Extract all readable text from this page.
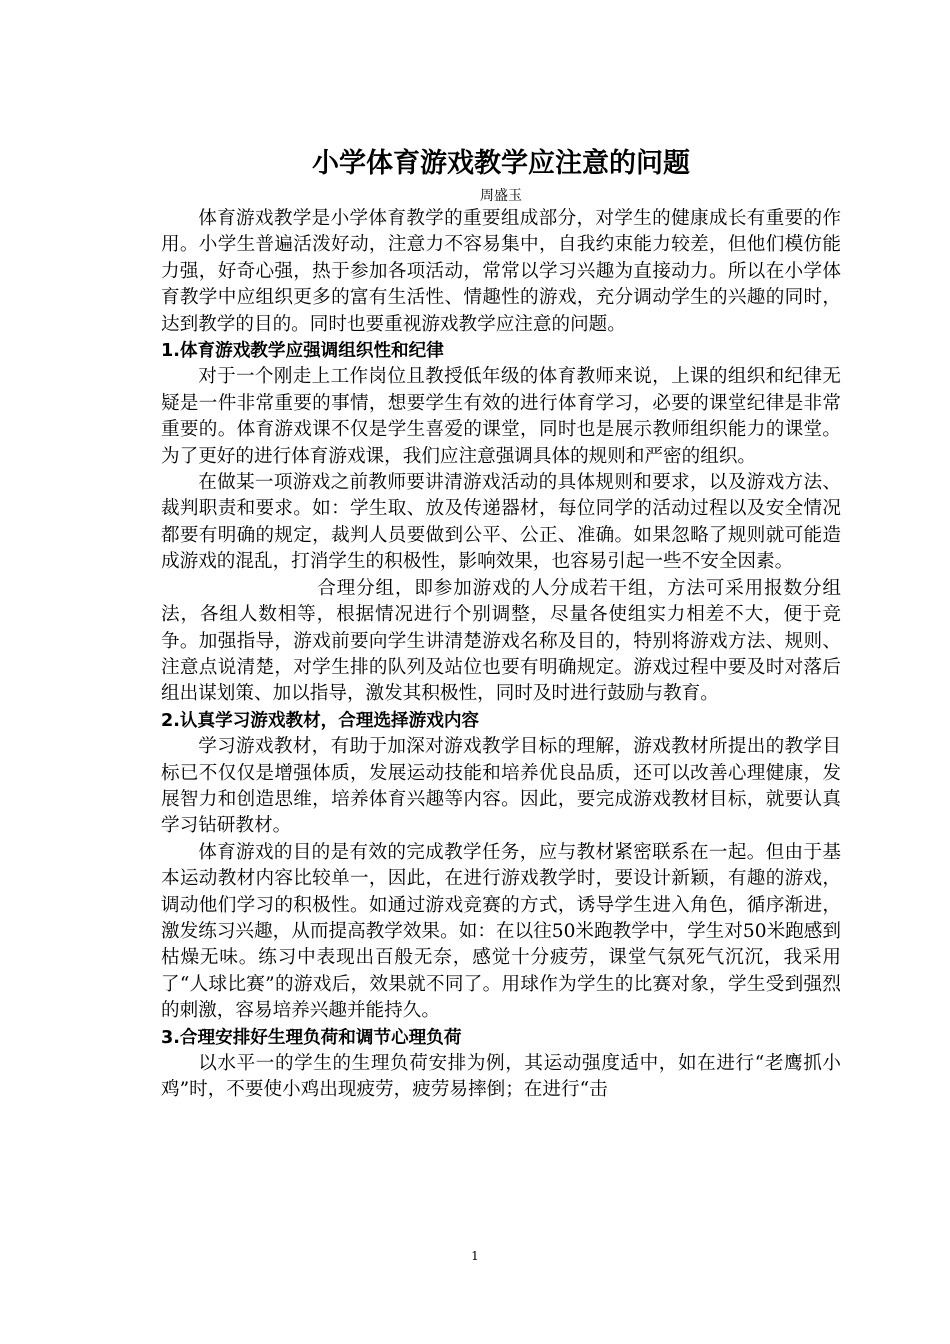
小学体育游戏教学应注意的问题

周盛玉

体育游戏教学是小学体育教学的重要组成部分，对学生的健康成长有重要的作用。小学生普遍活泼好动，注意力不容易集中，自我约束能力较差，但他们模仿能力强，好奇心强，热于参加各项活动，常常以学习兴趣为直接动力。所以在小学体育教学中应组织更多的富有生活性、情趣性的游戏，充分调动学生的兴趣的同时，达到教学的目的。同时也要重视游戏教学应注意的问题。

1.体育游戏教学应强调组织性和纪律

对于一个刚走上工作岗位且教授低年级的体育教师来说，上课的组织和纪律无疑是一件非常重要的事情，想要学生有效的进行体育学习，必要的课堂纪律是非常重要的。体育游戏课不仅是学生喜爱的课堂，同时也是展示教师组织能力的课堂。为了更好的进行体育游戏课，我们应注意强调具体的规则和严密的组织。

在做某一项游戏之前教师要讲清游戏活动的具体规则和要求，以及游戏方法、裁判职责和要求。如：学生取、放及传递器材，每位同学的活动过程以及安全情况都要有明确的规定，裁判人员要做到公平、公正、准确。如果忽略了规则就可能造成游戏的混乱，打消学生的积极性，影响效果，也容易引起一些不安全因素。

合理分组，即参加游戏的人分成若干组，方法可采用报数分组法，各组人数相等，根据情况进行个别调整，尽量各使组实力相差不大，便于竞争。加强指导，游戏前要向学生讲清楚游戏名称及目的，特别将游戏方法、规则、注意点说清楚，对学生排的队列及站位也要有明确规定。游戏过程中要及时对落后组出谋划策、加以指导，激发其积极性，同时及时进行鼓励与教育。

2.认真学习游戏教材，合理选择游戏内容

学习游戏教材，有助于加深对游戏教学目标的理解，游戏教材所提出的教学目标已不仅仅是增强体质，发展运动技能和培养优良品质，还可以改善心理健康，发展智力和创造思维，培养体育兴趣等内容。因此，要完成游戏教材目标，就要认真学习钻研教材。

体育游戏的目的是有效的完成教学任务，应与教材紧密联系在一起。但由于基本运动教材内容比较单一，因此，在进行游戏教学时，要设计新颖，有趣的游戏，调动他们学习的积极性。如通过游戏竞赛的方式，诱导学生进入角色，循序渐进，激发练习兴趣，从而提高教学效果。如：在以往50米跑教学中，学生对50米跑感到枯燥无味。练习中表现出百般无奈，感觉十分疲劳，课堂气氛死气沉沉，我采用了“人球比赛”的游戏后，效果就不同了。用球作为学生的比赛对象，学生受到强烈的刺激，容易培养兴趣并能持久。

3.合理安排好生理负荷和调节心理负荷

以水平一的学生的生理负荷安排为例，其运动强度适中，如在进行“老鹰抓小鸡”时，不要使小鸡出现疲劳，疲劳易摔倒；在进行“击

1
